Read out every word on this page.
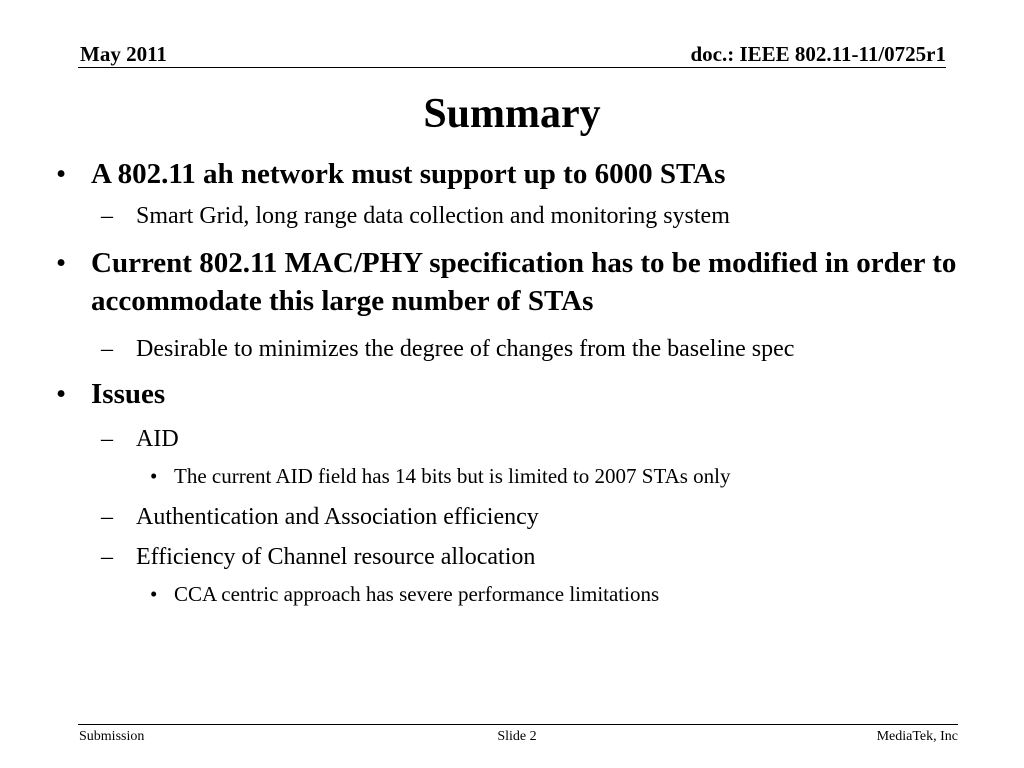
May 2011	doc.: IEEE 802.11-11/0725r1
Summary
• A 802.11 ah network must support up to 6000 STAs
– Smart Grid, long range data collection and monitoring system
• Current 802.11 MAC/PHY specification has to be modified in order to accommodate this large number of STAs
– Desirable to minimizes the degree of changes from the baseline spec
• Issues
– AID
• The current AID field has 14 bits but is limited to 2007 STAs only
– Authentication and Association efficiency
– Efficiency of Channel resource allocation
• CCA centric approach has severe performance limitations
Submission	Slide 2	MediaTek, Inc
